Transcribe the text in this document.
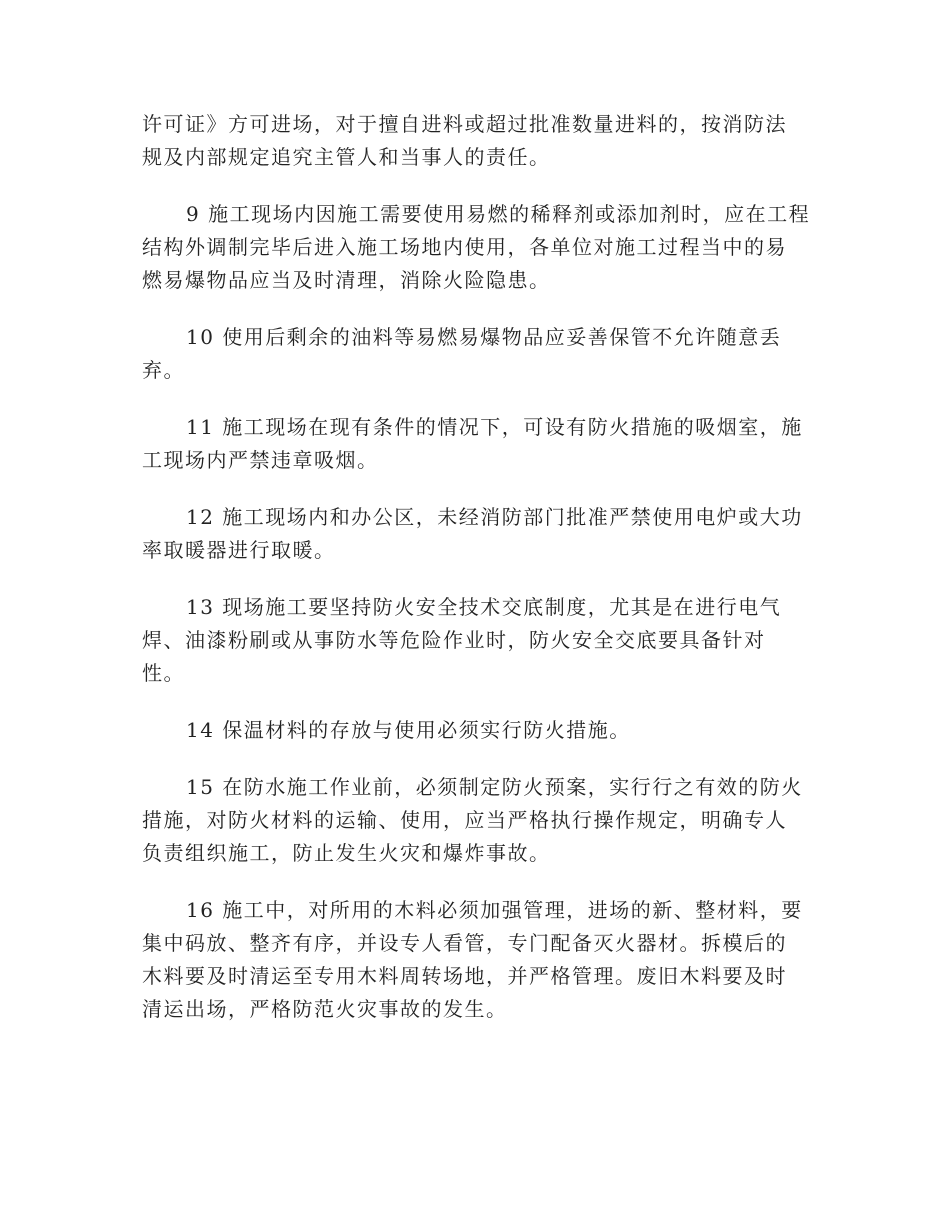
许可证》方可进场，对于擅自进料或超过批准数量进料的，按消防法
规及内部规定追究主管人和当事人的责任。

9 施工现场内因施工需要使用易燃的稀释剂或添加剂时，应在工程
结构外调制完毕后进入施工场地内使用，各单位对施工过程当中的易
燃易爆物品应当及时清理，消除火险隐患。

10 使用后剩余的油料等易燃易爆物品应妥善保管不允许随意丢
弃。

11 施工现场在现有条件的情况下，可设有防火措施的吸烟室，施
工现场内严禁违章吸烟。

12 施工现场内和办公区，未经消防部门批准严禁使用电炉或大功
率取暖器进行取暖。

13 现场施工要坚持防火安全技术交底制度，尤其是在进行电气
焊、油漆粉刷或从事防水等危险作业时，防火安全交底要具备针对
性。

14 保温材料的存放与使用必须实行防火措施。

15 在防水施工作业前，必须制定防火预案，实行行之有效的防火
措施，对防火材料的运输、使用，应当严格执行操作规定，明确专人
负责组织施工，防止发生火灾和爆炸事故。

16 施工中，对所用的木料必须加强管理，进场的新、整材料，要
集中码放、整齐有序，并设专人看管，专门配备灭火器材。拆模后的
木料要及时清运至专用木料周转场地，并严格管理。废旧木料要及时
清运出场，严格防范火灾事故的发生。
